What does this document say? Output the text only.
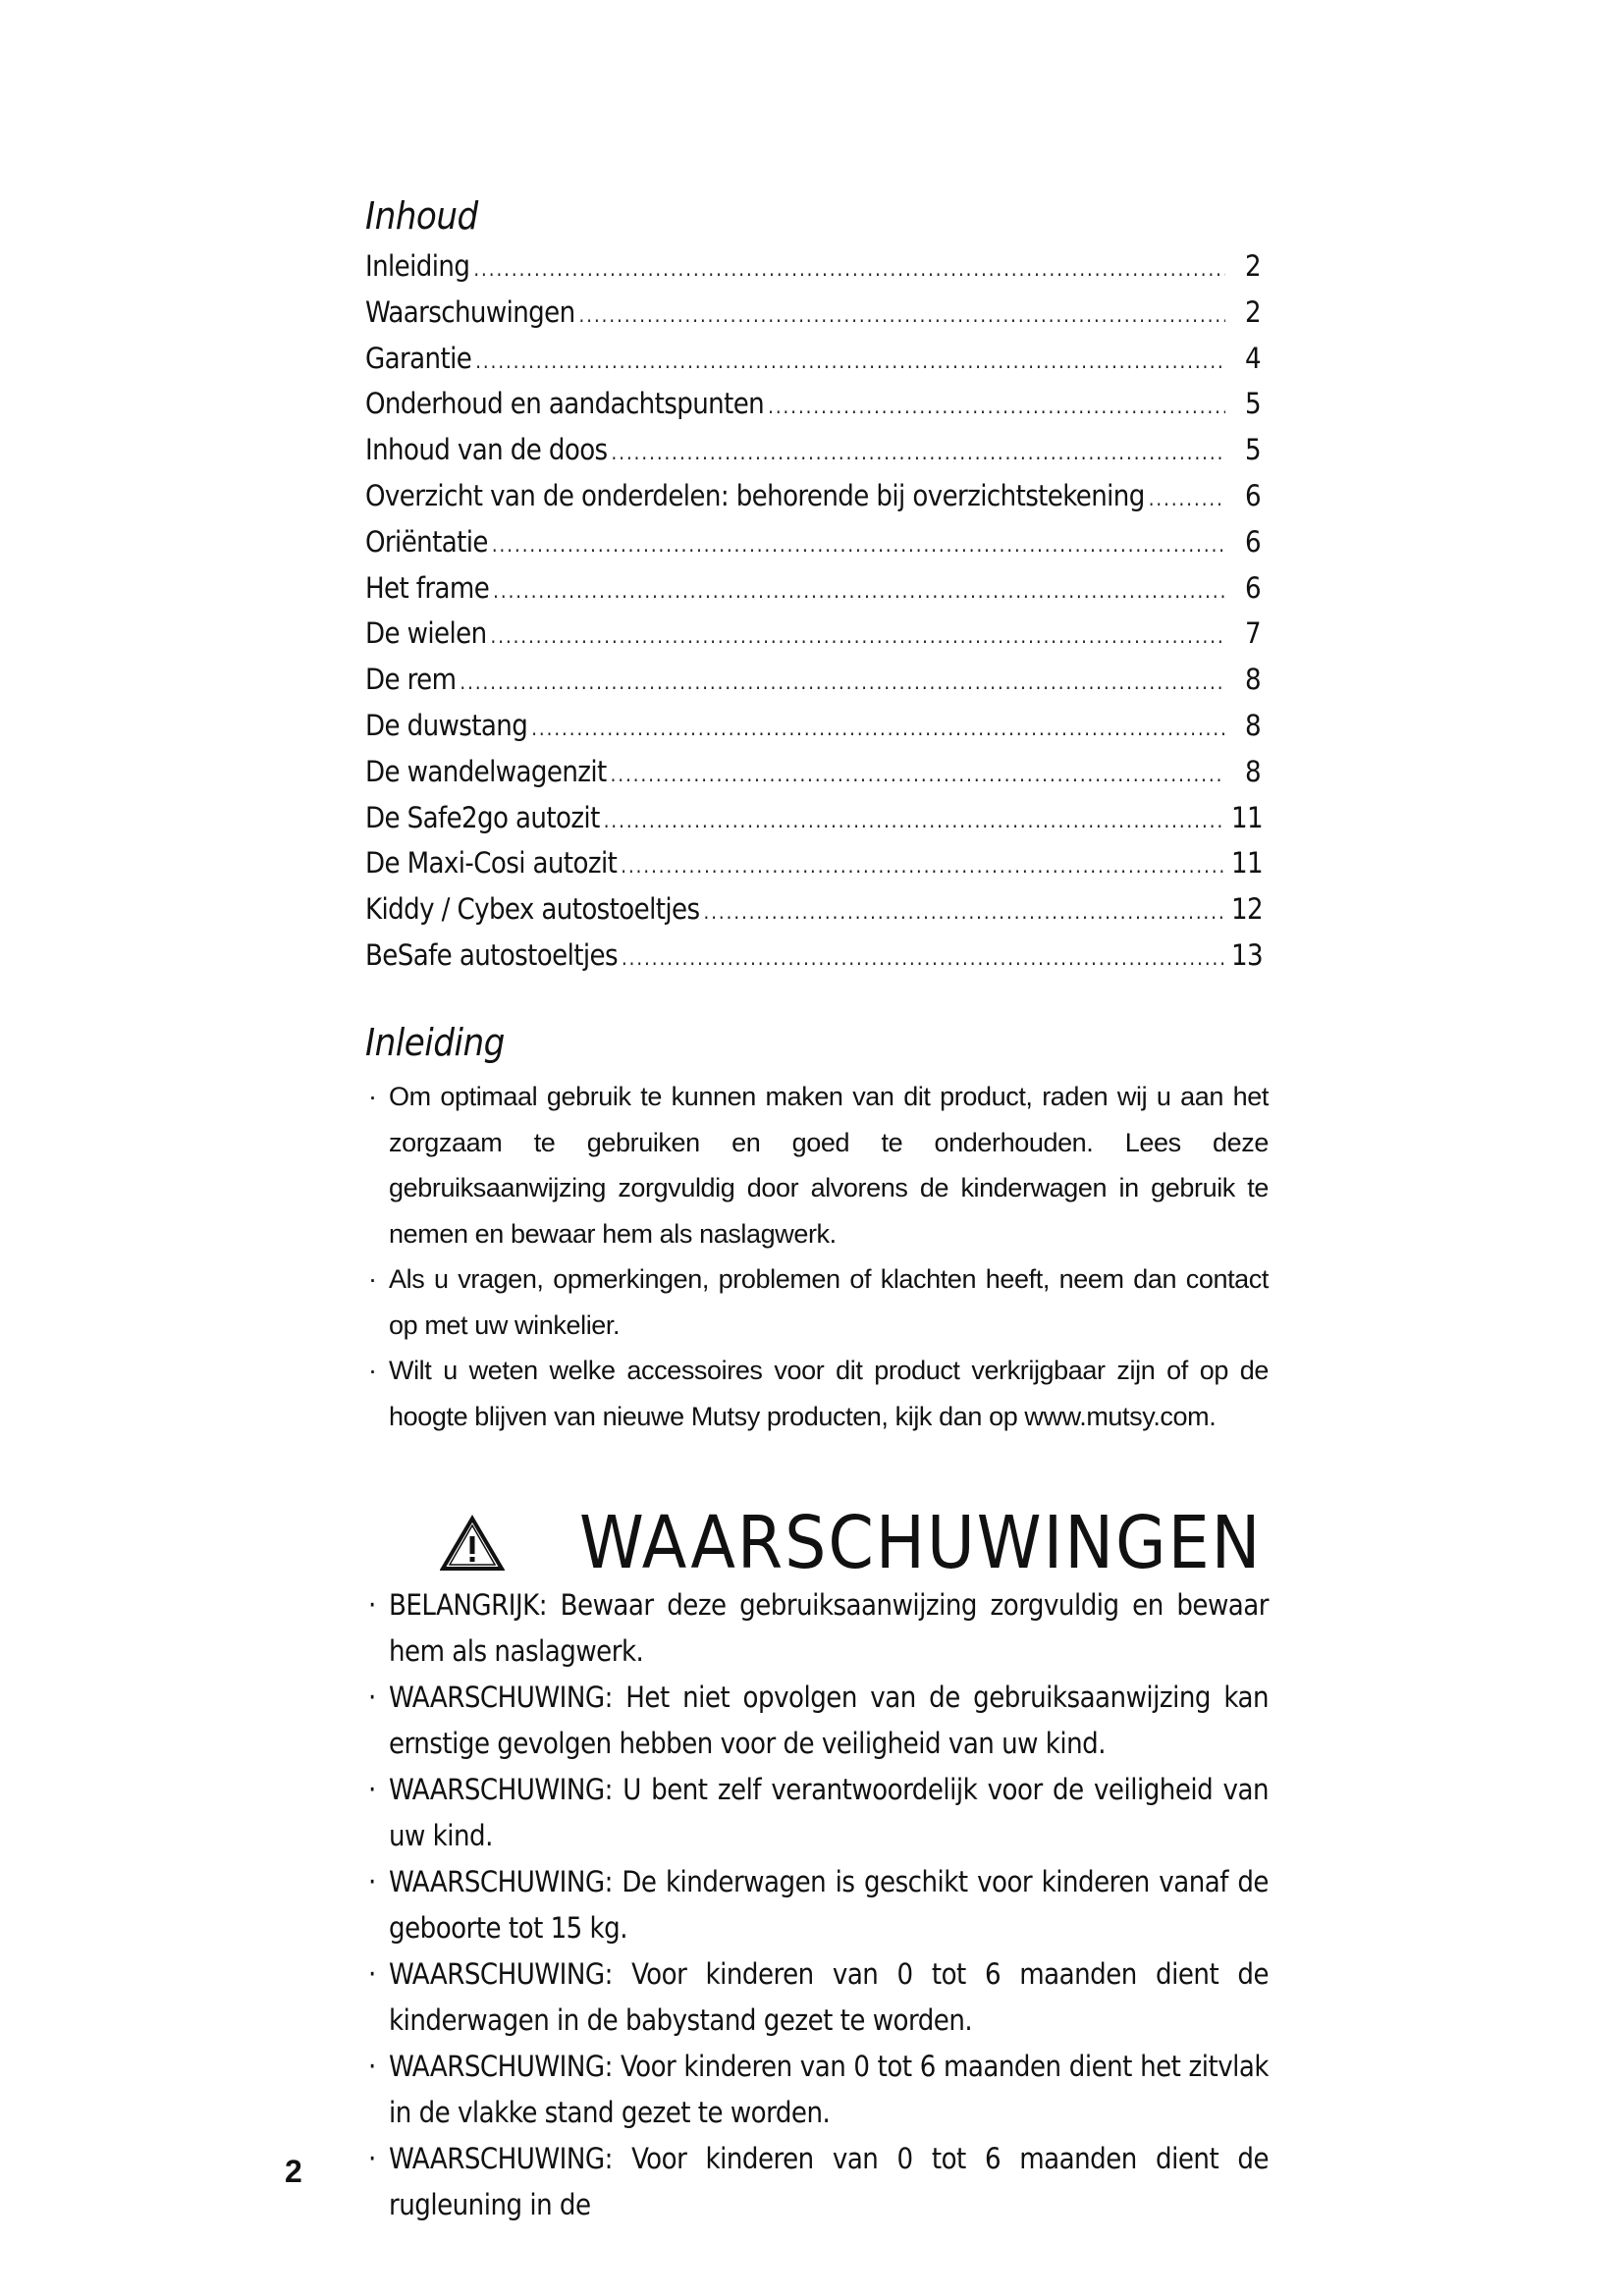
Inhoud
Inleiding .....	2
Waarschuwingen .....	2
Garantie .....	4
Onderhoud en aandachtspunten .....	5
Inhoud van de doos .....	5
Overzicht van de onderdelen: behorende bij overzichtstekening .....	6
Oriëntatie .....	6
Het frame .....	6
De wielen .....	7
De rem .....	8
De duwstang .....	8
De wandelwagenzit .....	8
De Safe2go autozit .....	11
De Maxi-Cosi autozit .....	11
Kiddy / Cybex autostoeltjes .....	12
BeSafe autostoeltjes .....	13
Inleiding
· Om optimaal gebruik te kunnen maken van dit product, raden wij u aan het zorgzaam te gebruiken en goed te onderhouden. Lees deze gebruiksaanwijzing zorgvuldig door alvorens de kinderwagen in gebruik te nemen en bewaar hem als naslagwerk.
· Als u vragen, opmerkingen, problemen of klachten heeft, neem dan contact op met uw winkelier.
· Wilt u weten welke accessoires voor dit product verkrijgbaar zijn of op de hoogte blijven van nieuwe Mutsy producten, kijk dan op www.mutsy.com.
WAARSCHUWINGEN
· BELANGRIJK: Bewaar deze gebruiksaanwijzing zorgvuldig en bewaar hem als naslagwerk.
· WAARSCHUWING: Het niet opvolgen van de gebruiksaanwijzing kan ernstige gevolgen hebben voor de veiligheid van uw kind.
· WAARSCHUWING: U bent zelf verantwoordelijk voor de veiligheid van uw kind.
· WAARSCHUWING: De kinderwagen is geschikt voor kinderen vanaf de geboorte tot 15 kg.
· WAARSCHUWING: Voor kinderen van 0 tot 6 maanden dient de kinderwagen in de babystand gezet te worden.
· WAARSCHUWING: Voor kinderen van 0 tot 6 maanden dient het zitvlak in de vlakke stand gezet te worden.
· WAARSCHUWING: Voor kinderen van 0 tot 6 maanden dient de rugleuning in de
2
